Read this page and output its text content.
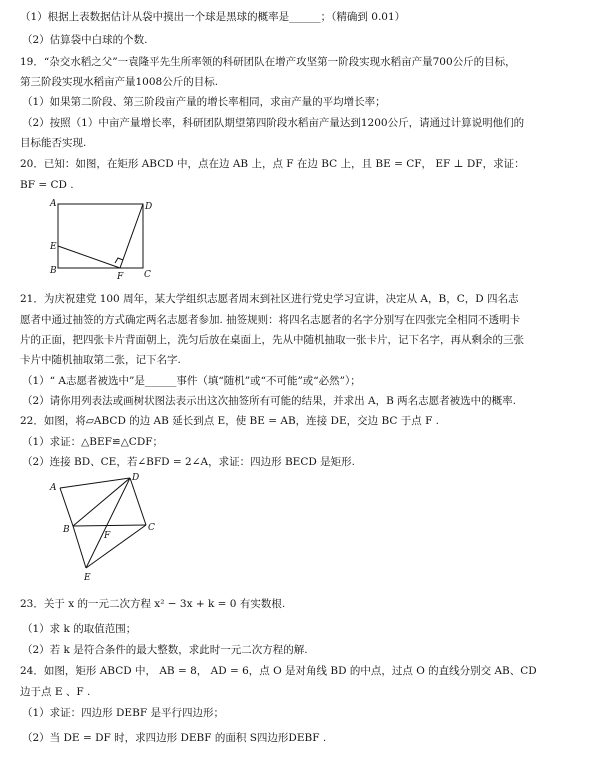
（1）根据上表数据估计从袋中摸出一个球是黑球的概率是______；（精确到 0.01）
（2）估算袋中白球的个数.
19．“杂交水稻之父”一袁隆平先生所率领的科研团队在增产攻坚第一阶段实现水稻亩产量700公斤的目标，
第三阶段实现水稻亩产量1008公斤的目标.
（1）如果第二阶段、第三阶段亩产量的增长率相同，求亩产量的平均增长率；
（2）按照（1）中亩产量增长率，科研团队期望第四阶段水稻亩产量达到1200公斤，请通过计算说明他们的
目标能否实现.
20．已知：如图，在矩形 ABCD 中，点在边 AB 上，点 F 在边 BC 上，且 BE = CF， EF ⊥ DF，求证：
BF = CD .
A	D
E
B
F C
21．为庆祝建党 100 周年，某大学组织志愿者周末到社区进行党史学习宣讲，决定从 A，B，C，D 四名志
愿者中通过抽签的方式确定两名志愿者参加. 抽签规则：将四名志愿者的名字分别写在四张完全相同不透明卡
片的正面，把四张卡片背面朝上，洗匀后放在桌面上，先从中随机抽取一张卡片，记下名字，再从剩余的三张
卡片中随机抽取第二张，记下名字.
（1）“ A志愿者被选中”是______事件（填“随机”或“不可能”或“必然”）；
（2）请你用列表法或画树状图法表示出这次抽签所有可能的结果，并求出 A，B 两名志愿者被选中的概率.
22．如图，将▱ABCD 的边 AB 延长到点 E，使 BE = AB，连接 DE，交边 BC 于点 F .
（1）求证：△BEF≌△CDF；
（2）连接 BD、CE，若∠BFD = 2∠A，求证：四边形 BECD 是矩形.
A
D
B
F
C
E
23．关于 x 的一元二次方程 x² − 3x + k = 0 有实数根.
（1）求 k 的取值范围；
（2）若 k 是符合条件的最大整数，求此时一元二次方程的解.
24．如图，矩形 ABCD 中， AB = 8， AD = 6，点 O 是对角线 BD 的中点，过点 O 的直线分别交 AB、CD
边于点 E 、F .
（1）求证：四边形 DEBF 是平行四边形；
（2）当 DE = DF 时，求四边形 DEBF 的面积 S四边形DEBF .
